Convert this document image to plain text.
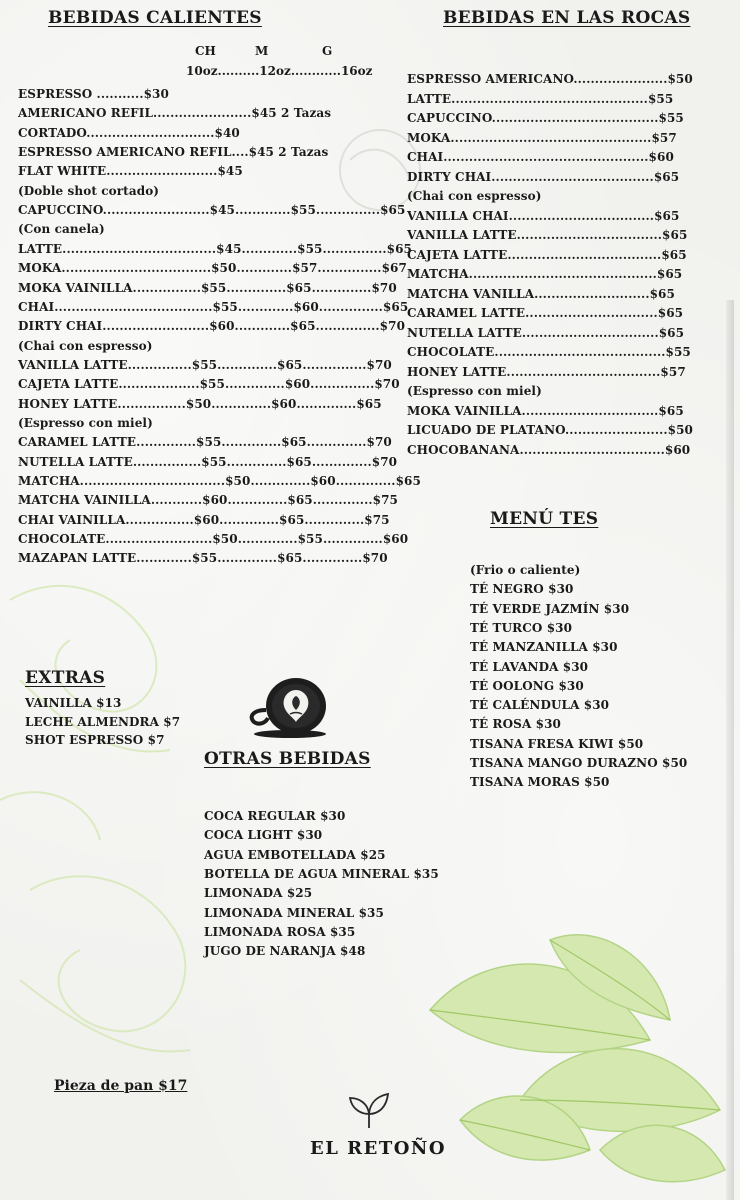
BEBIDAS CALIENTES
CH	M	G
10oz..........12oz............16oz
ESPRESSO ...........$30
AMERICANO REFIL.......................$45 2 Tazas
CORTADO..............................$40
ESPRESSO AMERICANO REFIL....$45 2 Tazas
FLAT WHITE..........................$45
(Doble shot cortado)
CAPUCCINO.........................$45.............$55...............$65
(Con canela)
LATTE....................................$45.............$55...............$65
MOKA...................................$50.............$57...............$67
MOKA VAINILLA................$55..............$65..............$70
CHAI.....................................$55.............$60...............$65
DIRTY CHAI.........................$60.............$65...............$70
(Chai con espresso)
VANILLA LATTE...............$55..............$65...............$70
CAJETA LATTE...................$55..............$60...............$70
HONEY LATTE................$50..............$60..............$65
(Espresso con miel)
CARAMEL LATTE..............$55..............$65..............$70
NUTELLA LATTE................$55..............$65..............$70
MATCHA..................................$50..............$60..............$65
MATCHA VAINILLA............$60..............$65..............$75
CHAI VAINILLA................$60..............$65..............$75
CHOCOLATE.........................$50..............$55..............$60
MAZAPAN LATTE.............$55..............$65..............$70
BEBIDAS EN LAS ROCAS
ESPRESSO AMERICANO......................$50
LATTE..............................................$55
CAPUCCINO.......................................$55
MOKA...............................................$57
CHAI................................................$60
DIRTY CHAI......................................$65
(Chai con espresso)
VANILLA CHAI..................................$65
VANILLA LATTE..................................$65
CAJETA LATTE....................................$65
MATCHA............................................$65
MATCHA VANILLA...........................$65
CARAMEL LATTE...............................$65
NUTELLA LATTE................................$65
CHOCOLATE........................................$55
HONEY LATTE....................................$57
(Espresso con miel)
MOKA VAINILLA................................$65
LICUADO DE PLATANO........................$50
CHOCOBANANA..................................$60
MENÚ TES
(Frio o caliente)
TÉ NEGRO $30
TÉ VERDE JAZMÍN $30
TÉ TURCO $30
TÉ MANZANILLA $30
TÉ LAVANDA $30
TÉ OOLONG $30
TÉ CALÉNDULA $30
TÉ ROSA $30
TISANA FRESA KIWI $50
TISANA MANGO DURAZNO $50
TISANA MORAS $50
EXTRAS
VAINILLA $13
LECHE ALMENDRA $7
SHOT ESPRESSO $7
OTRAS BEBIDAS
COCA REGULAR $30
COCA LIGHT $30
AGUA EMBOTELLADA $25
BOTELLA DE AGUA MINERAL $35
LIMONADA $25
LIMONADA MINERAL $35
LIMONADA ROSA $35
JUGO DE NARANJA $48
Pieza de pan $17
EL RETOÑO
